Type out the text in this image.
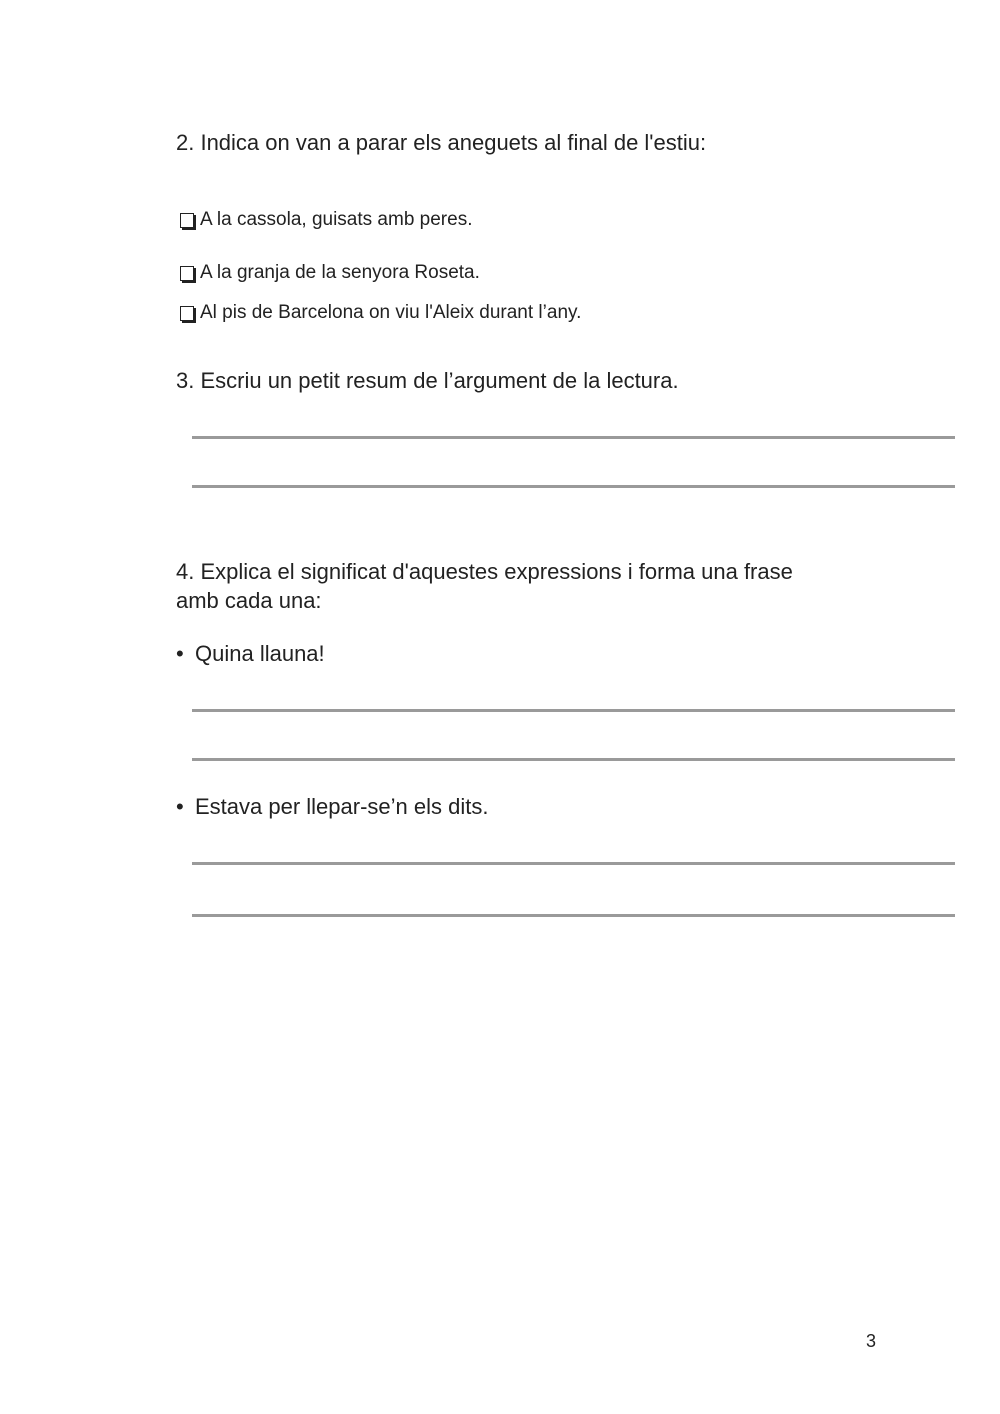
2. Indica on van a parar els aneguets al final de l'estiu:
A la cassola, guisats amb peres.
A la granja de la senyora Roseta.
Al pis de Barcelona on viu l'Aleix durant l’any.
3. Escriu un petit resum de l’argument de la lectura.
4. Explica el significat d'aquestes expressions i forma una frase
amb cada una:
• Quina llauna!
• Estava per llepar-se’n els dits.
3
